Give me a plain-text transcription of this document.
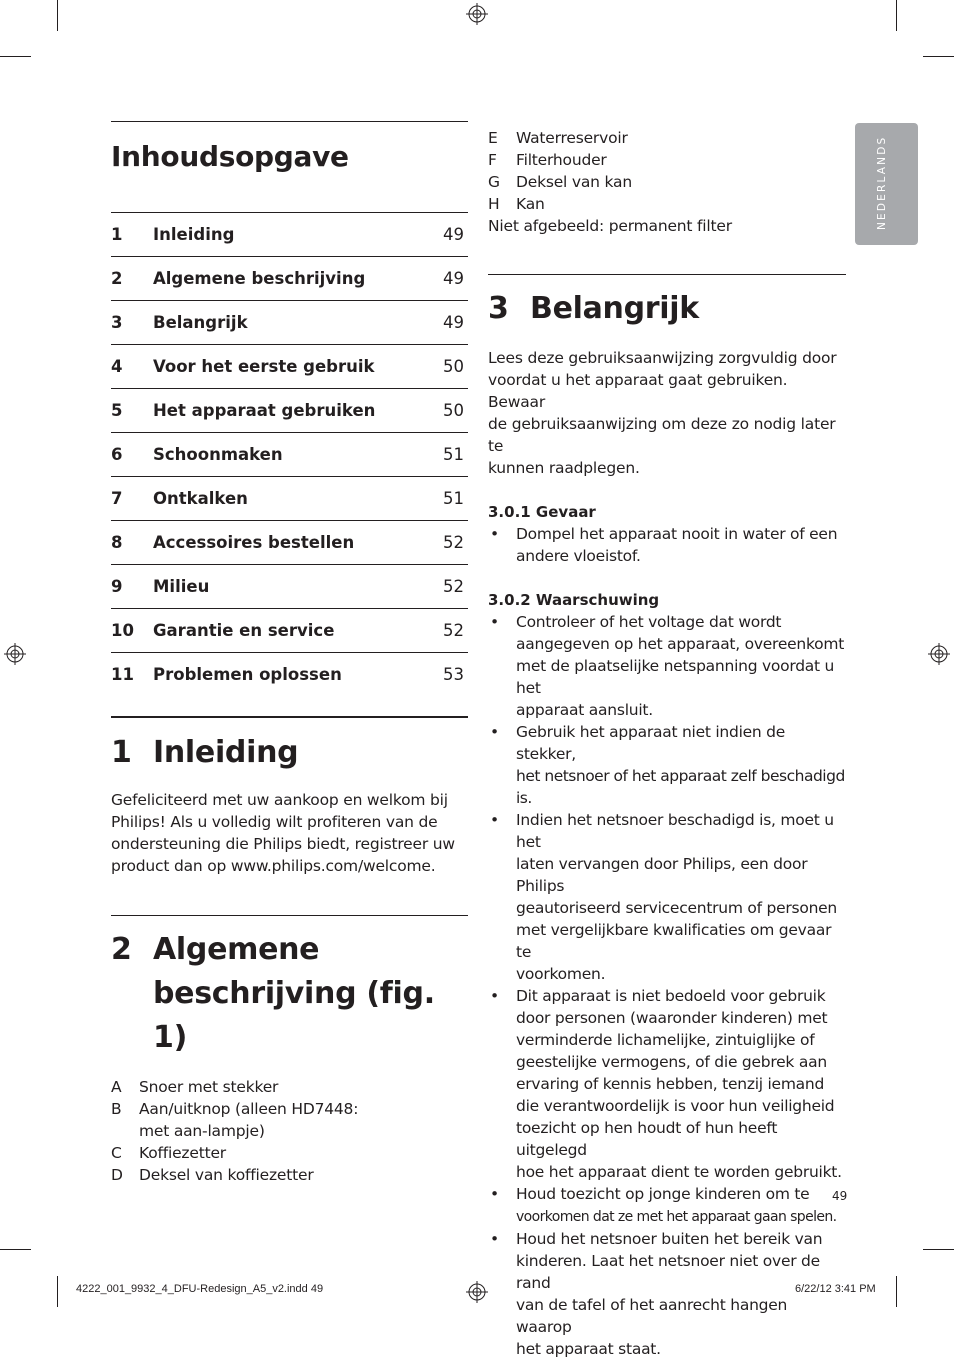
NEDERLANDS
Inhoudsopgave
1	Inleiding	49
2	Algemene beschrijving	49
3	Belangrijk	49
4	Voor het eerste gebruik	50
5	Het apparaat gebruiken	50
6	Schoonmaken	51
7	Ontkalken	51
8	Accessoires bestellen	52
9	Milieu	52
10	Garantie en service	52
11	Problemen oplossen	53
1 Inleiding

Gefeliciteerd met uw aankoop en welkom bij
Philips! Als u volledig wilt profiteren van de
ondersteuning die Philips biedt, registreer uw
product dan op www.philips.com/welcome.

2 Algemene
beschrijving (fig. 1)
A	Snoer met stekker
B	Aan/uitknop (alleen HD7448:
met aan-lampje)
C	Koffiezetter
D	Deksel van koffiezetter
E	Waterreservoir
F	Filterhouder
G	Deksel van kan
H	Kan
Niet afgebeeld: permanent filter
3 Belangrijk

Lees deze gebruiksaanwijzing zorgvuldig door
voordat u het apparaat gaat gebruiken. Bewaar
de gebruiksaanwijzing om deze zo nodig later te
kunnen raadplegen.

3.0.1 Gevaar
•	Dompel het apparaat nooit in water of een
andere vloeistof.
3.0.2 Waarschuwing
•	Controleer of het voltage dat wordt
aangegeven op het apparaat, overeenkomt
met de plaatselijke netspanning voordat u het
apparaat aansluit.
•	Gebruik het apparaat niet indien de stekker,
het netsnoer of het apparaat zelf beschadigd is.
•	Indien het netsnoer beschadigd is, moet u het
laten vervangen door Philips, een door Philips
geautoriseerd servicecentrum of personen
met vergelijkbare kwalificaties om gevaar te
voorkomen.
•	Dit apparaat is niet bedoeld voor gebruik
door personen (waaronder kinderen) met
verminderde lichamelijke, zintuiglijke of
geestelijke vermogens, of die gebrek aan
ervaring of kennis hebben, tenzij iemand
die verantwoordelijk is voor hun veiligheid
toezicht op hen houdt of hun heeft uitgelegd
hoe het apparaat dient te worden gebruikt.
•	Houd toezicht op jonge kinderen om te
voorkomen dat ze met het apparaat gaan spelen.
•	Houd het netsnoer buiten het bereik van
kinderen. Laat het netsnoer niet over de rand
van de tafel of het aanrecht hangen waarop
het apparaat staat.
49
4222_001_9932_4_DFU-Redesign_A5_v2.indd 49	6/22/12 3:41 PM
